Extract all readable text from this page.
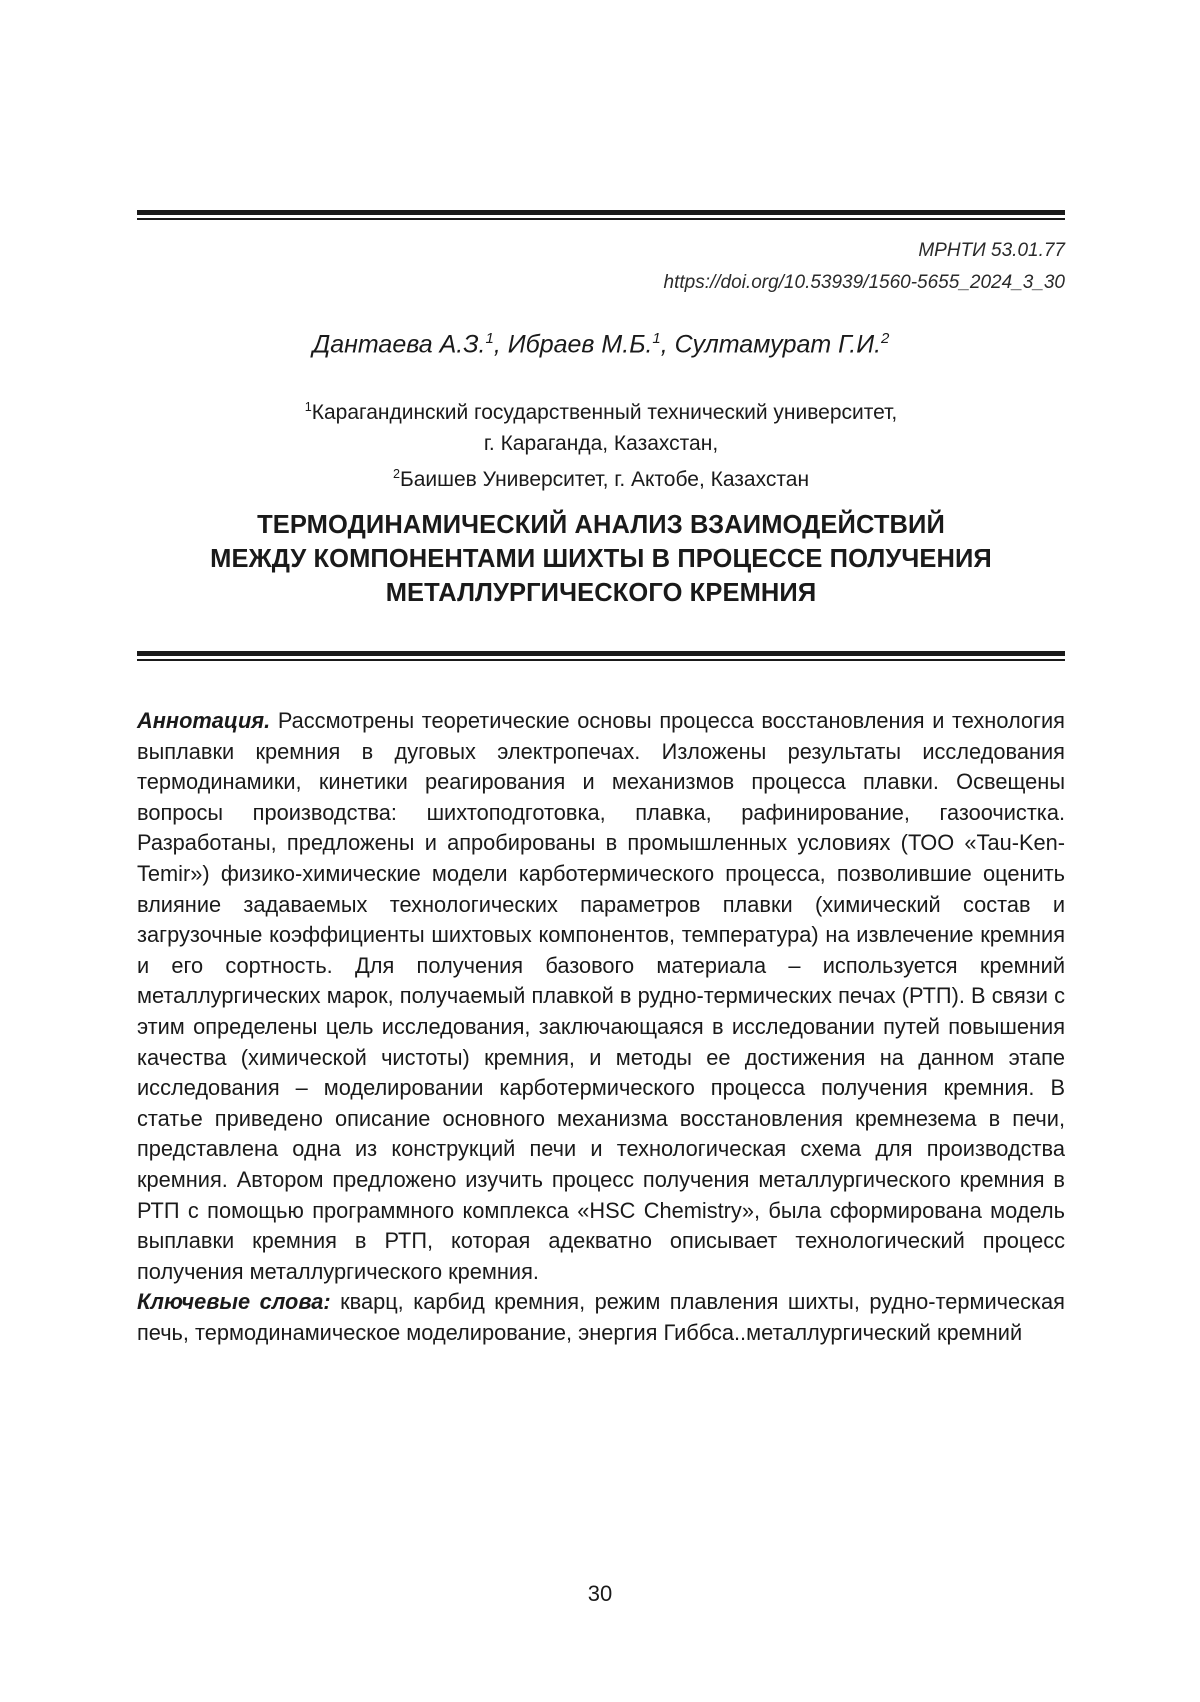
МРНТИ 53.01.77
https://doi.org/10.53939/1560-5655_2024_3_30
Дантаева А.З.1, Ибраев М.Б.1, Султамурат Г.И.2
1Карагандинский государственный технический университет,
г. Караганда, Казахстан,
2Баишев Университет, г. Актобе, Казахстан
ТЕРМОДИНАМИЧЕСКИЙ АНАЛИЗ ВЗАИМОДЕЙСТВИЙ
МЕЖДУ КОМПОНЕНТАМИ ШИХТЫ В ПРОЦЕССЕ ПОЛУЧЕНИЯ
МЕТАЛЛУРГИЧЕСКОГО КРЕМНИЯ

Аннотация. Рассмотрены теоретические основы процесса восстановления и технология выплавки кремния в дуговых электропечах. Изложены результаты исследования термодинамики, кинетики реагирования и механизмов процесса плавки. Освещены вопросы производства: шихтоподготовка, плавка, рафинирование, газоочистка. Разработаны, предложены и апробированы в промышленных условиях (ТОО «Tau-Ken-Temir») физико-химические модели карботермического процесса, позволившие оценить влияние задаваемых технологических параметров плавки (химический состав и загрузочные коэффициенты шихтовых компонентов, температура) на извлечение кремния и его сортность. Для получения базового материала – используется кремний металлургических марок, получаемый плавкой в рудно-термических печах (РТП). В связи с этим определены цель исследования, заключающаяся в исследовании путей повышения качества (химической чистоты) кремния, и методы ее достижения на данном этапе исследования – моделировании карботермического процесса получения кремния. В статье приведено описание основного механизма восстановления кремнезема в печи, представлена одна из конструкций печи и технологическая схема для производства кремния. Автором предложено изучить процесс получения металлургического кремния в РТП с помощью программного комплекса «HSC Chemistry», была сформирована модель выплавки кремния в РТП, которая адекватно описывает технологический процесс получения металлургического кремния.

Ключевые слова: кварц, карбид кремния, режим плавления шихты, рудно-термическая печь, термодинамическое моделирование, энергия Гиббса..металлургический кремний

30
